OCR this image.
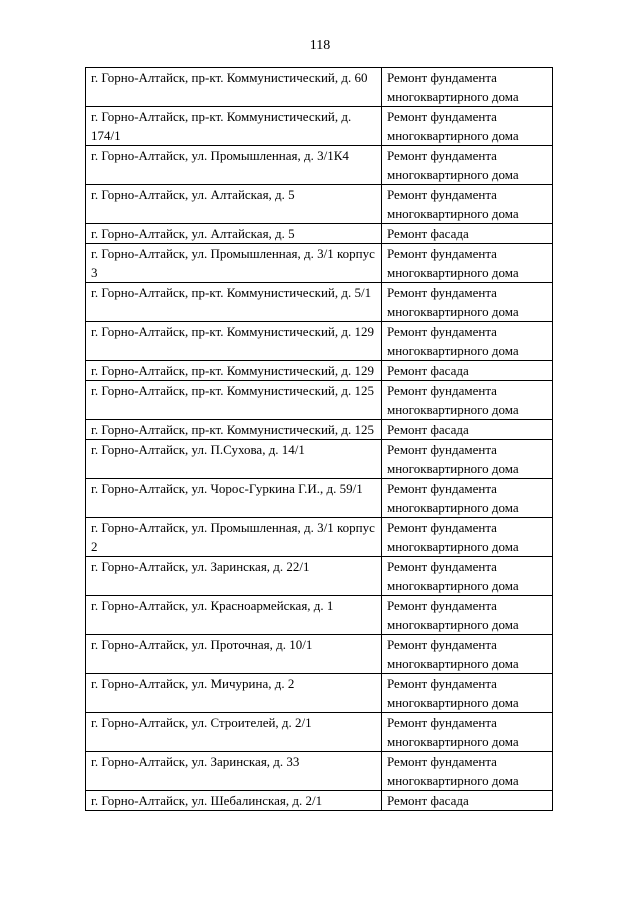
118
г. Горно-Алтайск, пр-кт. Коммунистический, д. 60	Ремонт фундамента многоквартирного дома
г. Горно-Алтайск, пр-кт. Коммунистический, д. 174/1	Ремонт фундамента многоквартирного дома
г. Горно-Алтайск, ул. Промышленная, д. 3/1К4	Ремонт фундамента многоквартирного дома
г. Горно-Алтайск, ул. Алтайская, д. 5	Ремонт фундамента многоквартирного дома
г. Горно-Алтайск, ул. Алтайская, д. 5	Ремонт фасада
г. Горно-Алтайск, ул. Промышленная, д. 3/1 корпус 3	Ремонт фундамента многоквартирного дома
г. Горно-Алтайск, пр-кт. Коммунистический, д. 5/1	Ремонт фундамента многоквартирного дома
г. Горно-Алтайск, пр-кт. Коммунистический, д. 129	Ремонт фундамента многоквартирного дома
г. Горно-Алтайск, пр-кт. Коммунистический, д. 129	Ремонт фасада
г. Горно-Алтайск, пр-кт. Коммунистический, д. 125	Ремонт фундамента многоквартирного дома
г. Горно-Алтайск, пр-кт. Коммунистический, д. 125	Ремонт фасада
г. Горно-Алтайск, ул. П.Сухова, д. 14/1	Ремонт фундамента многоквартирного дома
г. Горно-Алтайск, ул. Чорос-Гуркина Г.И., д. 59/1	Ремонт фундамента многоквартирного дома
г. Горно-Алтайск, ул. Промышленная, д. 3/1 корпус 2	Ремонт фундамента многоквартирного дома
г. Горно-Алтайск, ул. Заринская, д. 22/1	Ремонт фундамента многоквартирного дома
г. Горно-Алтайск, ул. Красноармейская, д. 1	Ремонт фундамента многоквартирного дома
г. Горно-Алтайск, ул. Проточная, д. 10/1	Ремонт фундамента многоквартирного дома
г. Горно-Алтайск, ул. Мичурина, д. 2	Ремонт фундамента многоквартирного дома
г. Горно-Алтайск, ул. Строителей, д. 2/1	Ремонт фундамента многоквартирного дома
г. Горно-Алтайск, ул. Заринская, д. 33	Ремонт фундамента многоквартирного дома
г. Горно-Алтайск, ул. Шебалинская, д. 2/1	Ремонт фасада
